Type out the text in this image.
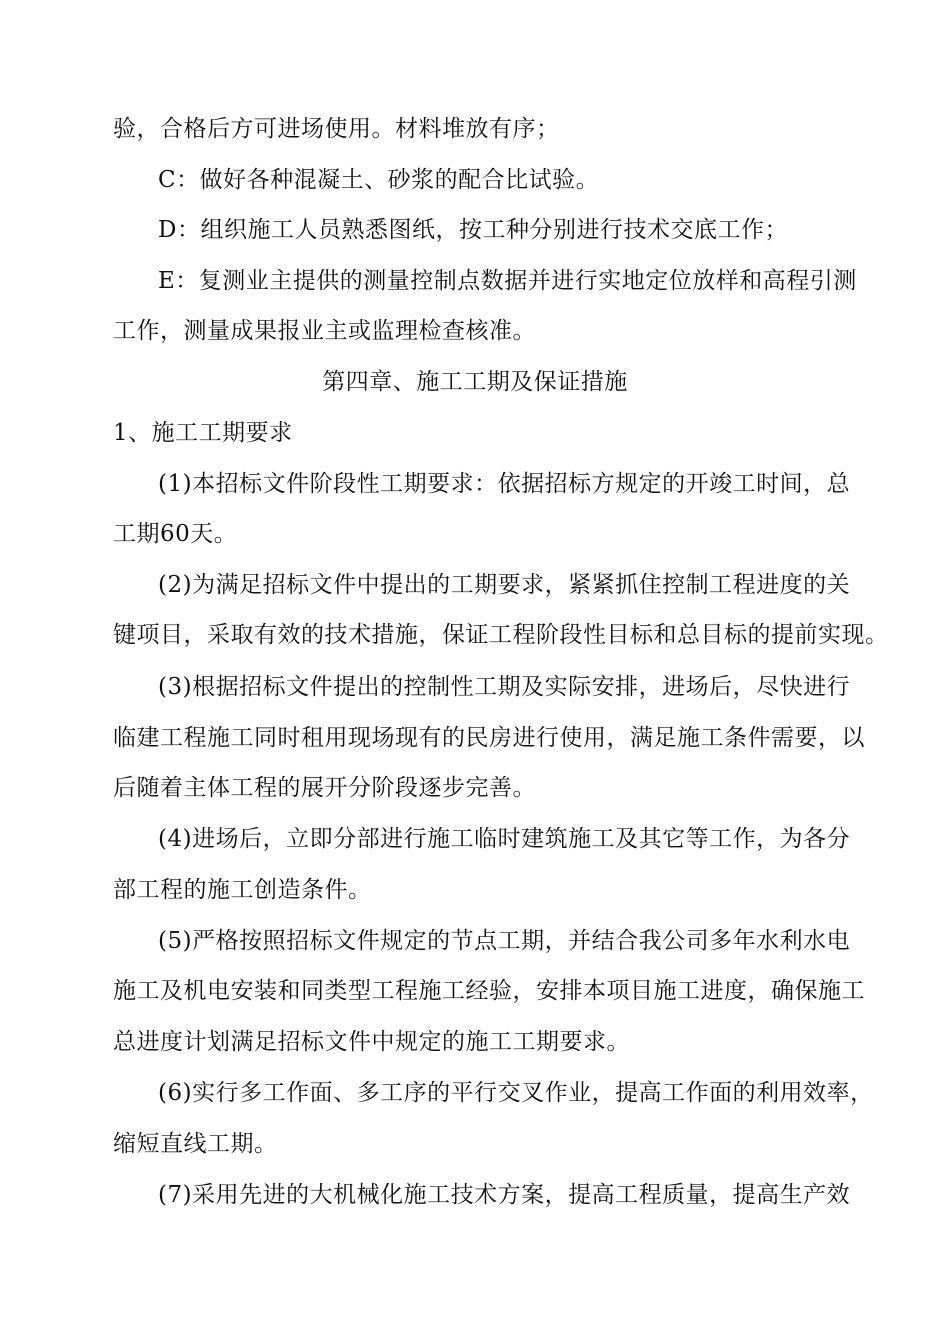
验，合格后方可进场使用。材料堆放有序；
C：做好各种混凝土、砂浆的配合比试验。
D：组织施工人员熟悉图纸，按工种分别进行技术交底工作；
E：复测业主提供的测量控制点数据并进行实地定位放样和高程引测
工作，测量成果报业主或监理检查核准。
第四章、施工工期及保证措施
1、施工工期要求
(1)本招标文件阶段性工期要求：依据招标方规定的开竣工时间，总
工期60天。
(2)为满足招标文件中提出的工期要求，紧紧抓住控制工程进度的关
键项目，采取有效的技术措施，保证工程阶段性目标和总目标的提前实现。
(3)根据招标文件提出的控制性工期及实际安排，进场后，尽快进行
临建工程施工同时租用现场现有的民房进行使用，满足施工条件需要，以
后随着主体工程的展开分阶段逐步完善。
(4)进场后，立即分部进行施工临时建筑施工及其它等工作，为各分
部工程的施工创造条件。
(5)严格按照招标文件规定的节点工期，并结合我公司多年水利水电
施工及机电安装和同类型工程施工经验，安排本项目施工进度，确保施工
总进度计划满足招标文件中规定的施工工期要求。
(6)实行多工作面、多工序的平行交叉作业，提高工作面的利用效率，
缩短直线工期。
(7)采用先进的大机械化施工技术方案，提高工程质量，提高生产效
